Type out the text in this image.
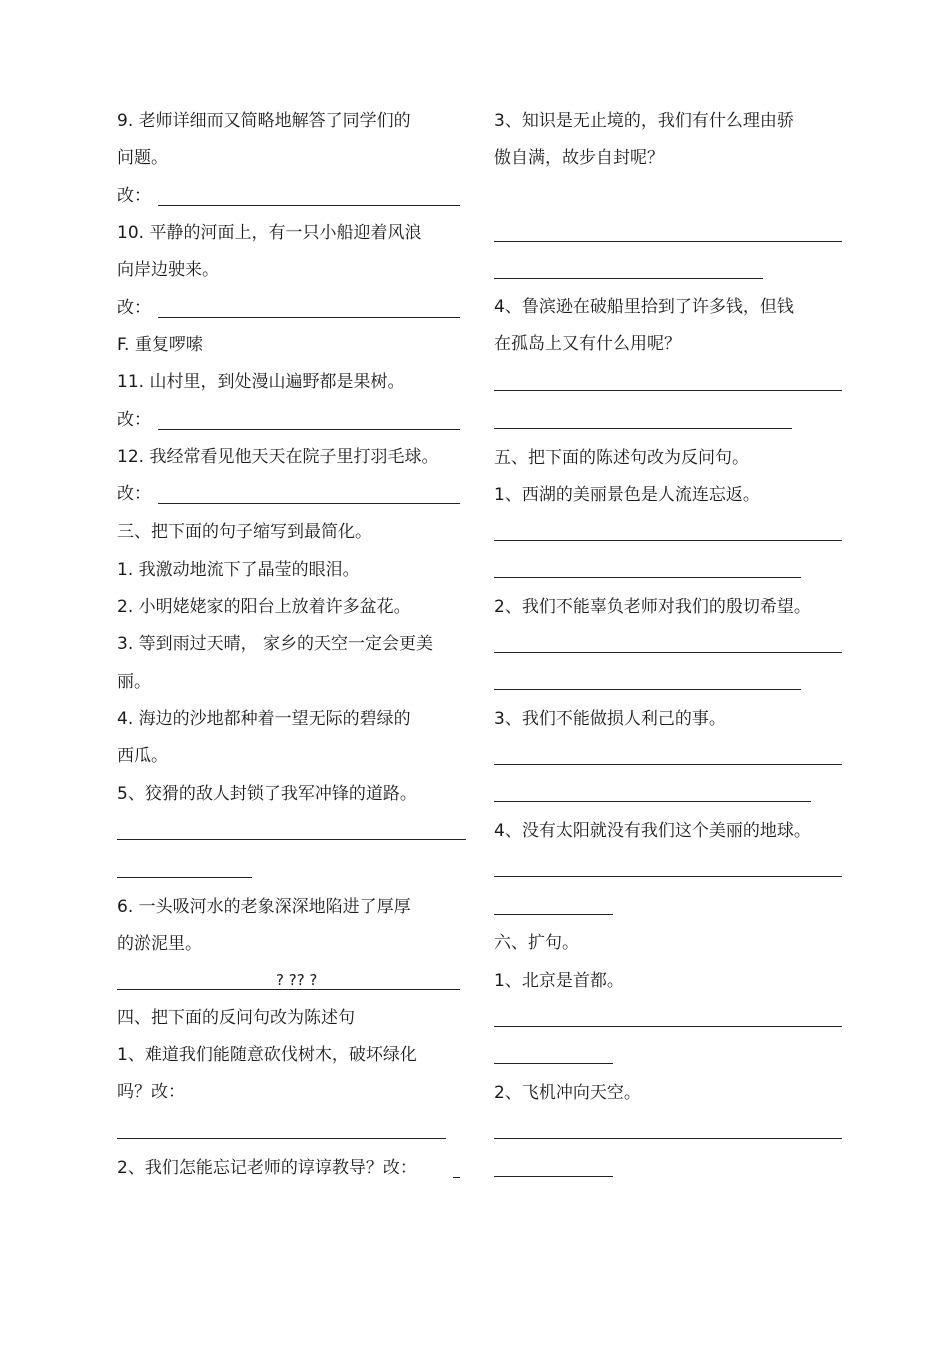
9. 老师详细而又简略地解答了同学们的
问题。
改：
10. 平静的河面上，有一只小船迎着风浪
向岸边驶来。
改：
F. 重复啰嗦
11. 山村里，到处漫山遍野都是果树。
改：
12. 我经常看见他天天在院子里打羽毛球。
改：
三、把下面的句子缩写到最简化。
1. 我激动地流下了晶莹的眼泪。
2. 小明姥姥家的阳台上放着许多盆花。
3. 等到雨过天晴， 家乡的天空一定会更美
丽。
4. 海边的沙地都种着一望无际的碧绿的
西瓜。
5、狡猾的敌人封锁了我军冲锋的道路。
6. 一头吸河水的老象深深地陷进了厚厚
的淤泥里。
? ?? ?
四、把下面的反问句改为陈述句
1、难道我们能随意砍伐树木，破坏绿化
吗？改：
2、我们怎能忘记老师的谆谆教导？改：
3、知识是无止境的，我们有什么理由骄
傲自满，故步自封呢？
4、鲁滨逊在破船里拾到了许多钱，但钱
在孤岛上又有什么用呢？
五、把下面的陈述句改为反问句。
1、西湖的美丽景色是人流连忘返。
2、我们不能辜负老师对我们的殷切希望。
3、我们不能做损人利己的事。
4、没有太阳就没有我们这个美丽的地球。
六、扩句。
1、北京是首都。
2、飞机冲向天空。
